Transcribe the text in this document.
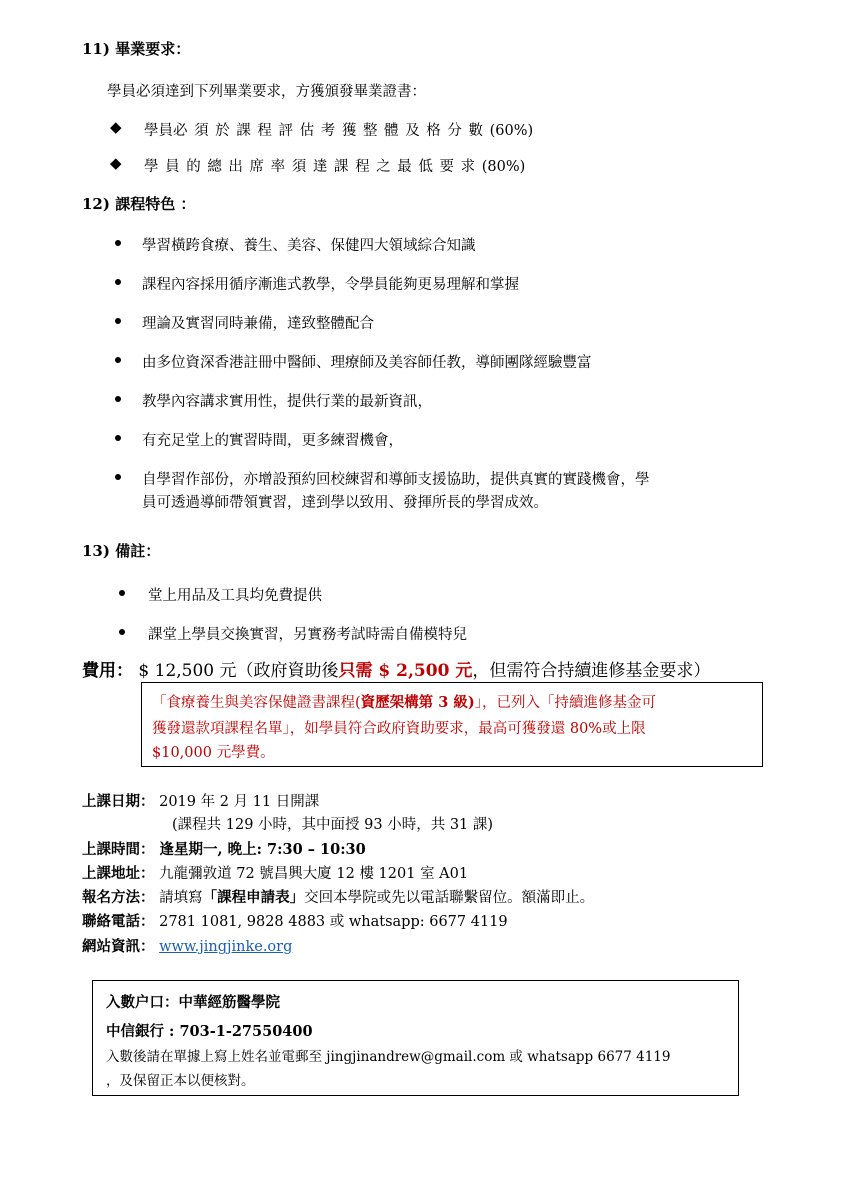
11) 畢業要求：
學員必須達到下列畢業要求，方獲頒發畢業證書：
◆ 學員必 須 於 課 程 評 估 考 獲 整 體 及 格 分 數 (60%)
◆ 學 員 的 總 出 席 率 須 達 課 程 之 最 低 要 求 (80%)
12) 課程特色 ：
學習橫跨食療、養生、美容、保健四大領域綜合知識
課程內容採用循序漸進式教學，令學員能夠更易理解和掌握
理論及實習同時兼備，達致整體配合
由多位資深香港註冊中醫師、理療師及美容師任教，導師團隊經驗豐富
教學內容講求實用性，提供行業的最新資訊，
有充足堂上的實習時間，更多練習機會，
自學習作部份，亦增設預約回校練習和導師支援協助，提供真實的實踐機會，學
員可透過導師帶領實習，達到學以致用、發揮所長的學習成效。
13) 備註：
堂上用品及工具均免費提供
課堂上學員交換實習，另實務考試時需自備模特兒
費用： $ 12,500 元（政府資助後只需 $ 2,500 元，但需符合持續進修基金要求）
「食療養生與美容保健證書課程(資歷架構第 3 級)」，已列入「持續進修基金可
獲發還款項課程名單」，如學員符合政府資助要求，最高可獲發還 80%或上限
$10,000 元學費。
上課日期： 2019 年 2 月 11 日開課
(課程共 129 小時，其中面授 93 小時，共 31 課)
上課時間： 逢星期一, 晚上: 7:30 – 10:30
上課地址： 九龍彌敦道 72 號昌興大廈 12 樓 1201 室 A01
報名方法： 請填寫「課程申請表」交回本學院或先以電話聯繫留位。額滿即止。
聯絡電話： 2781 1081, 9828 4883 或 whatsapp: 6677 4119
網站資訊： www.jingjinke.org
入數户口：中華經筋醫學院
中信銀行 : 703-1-27550400
入數後請在單據上寫上姓名並電郵至 jingjinandrew@gmail.com 或 whatsapp 6677 4119
，及保留正本以便核對。
